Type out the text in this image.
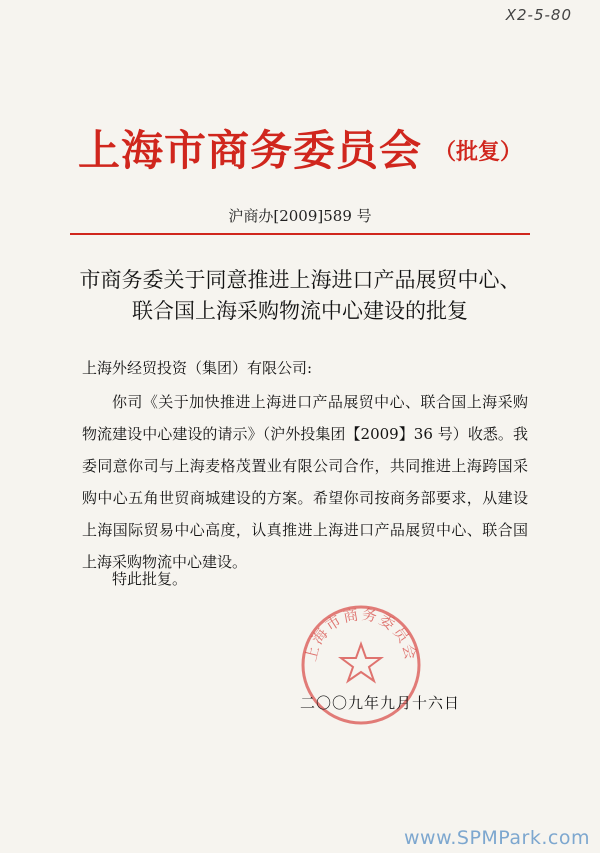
X2-5-80
上海市商务委员会 （批复）
沪商办[2009]589 号
市商务委关于同意推进上海进口产品展贸中心、
联合国上海采购物流中心建设的批复
上海外经贸投资（集团）有限公司:
你司《关于加快推进上海进口产品展贸中心、联合国上海采购物流建设中心建设的请示》（沪外投集团【2009】36 号）收悉。我委同意你司与上海麦格茂置业有限公司合作，共同推进上海跨国采购中心五角世贸商城建设的方案。希望你司按商务部要求，从建设上海国际贸易中心高度，认真推进上海进口产品展贸中心、联合国上海采购物流中心建设。
特此批复。
上海市商务委员会
二〇〇九年九月十六日
www.SPMPark.com
